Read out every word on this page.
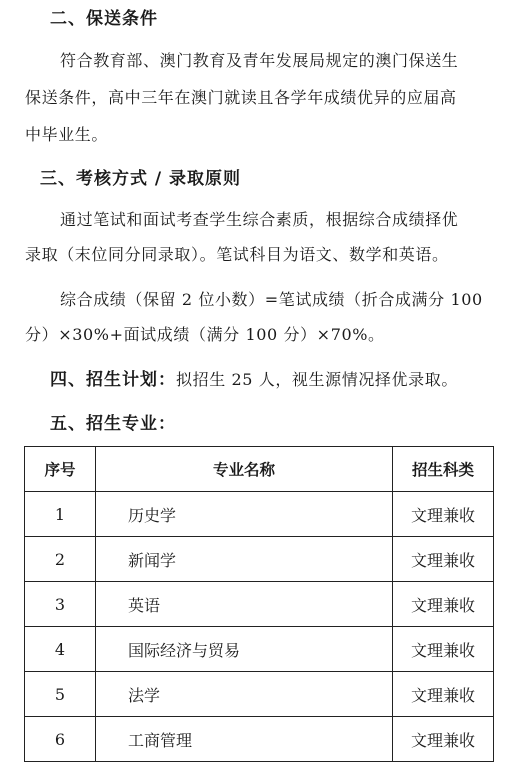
二、保送条件
符合教育部、澳门教育及青年发展局规定的澳门保送生
保送条件，高中三年在澳门就读且各学年成绩优异的应届高
中毕业生。
三、考核方式 / 录取原则
通过笔试和面试考查学生综合素质，根据综合成绩择优
录取（末位同分同录取）。笔试科目为语文、数学和英语。
综合成绩（保留 2 位小数）=笔试成绩（折合成满分 100
分）×30%+面试成绩（满分 100 分）×70%。
四、招生计划：拟招生 25 人，视生源情况择优录取。
五、招生专业：
序号	专业名称	招生科类
1	历史学	文理兼收
2	新闻学	文理兼收
3	英语	文理兼收
4	国际经济与贸易	文理兼收
5	法学	文理兼收
6	工商管理	文理兼收
